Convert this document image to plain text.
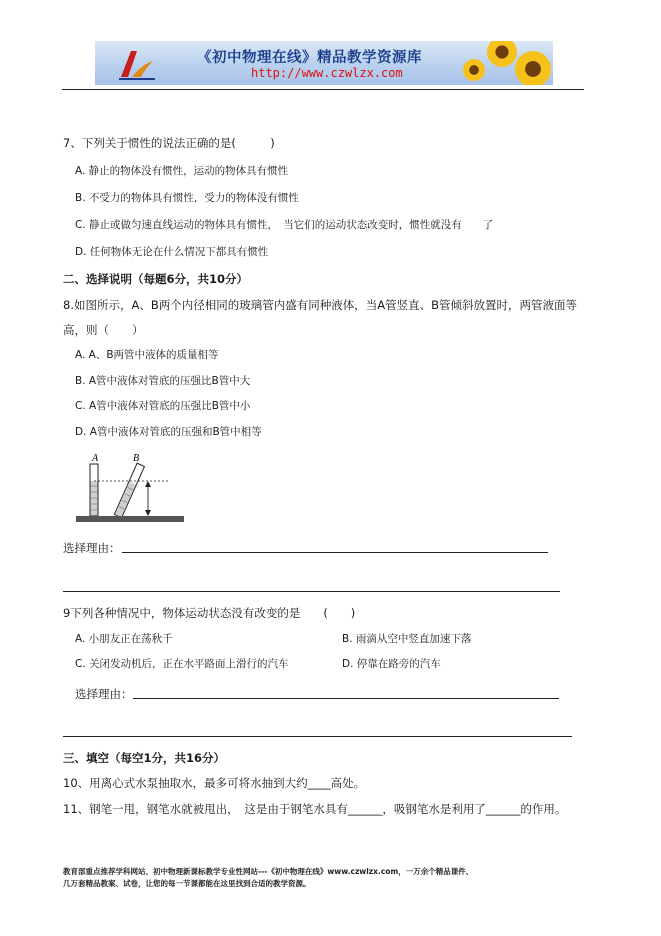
《初中物理在线》精品教学资源库
http://www.czwlzx.com
7、下列关于惯性的说法正确的是(　　　)
A. 静止的物体没有惯性，运动的物体具有惯性
B. 不受力的物体具有惯性，受力的物体没有惯性
C. 静止或做匀速直线运动的物体具有惯性，　当它们的运动状态改变时，惯性就没有　　了
D. 任何物体无论在什么情况下都具有惯性
二、选择说明（每题6分，共10分）
8.如图所示，A、B两个内径相同的玻璃管内盛有同种液体，当A管竖直、B管倾斜放置时，两管液面等
高，则（　　）
A. A、B两管中液体的质量相等
B. A管中液体对管底的压强比B管中大
C. A管中液体对管底的压强比B管中小
D. A管中液体对管底的压强和B管中相等
A	B
选择理由：
9下列各种情况中，物体运动状态没有改变的是　　(　　)
A. 小朋友正在荡秋千	B. 雨滴从空中竖直加速下落
C. 关闭发动机后，正在水平路面上滑行的汽车	D. 停靠在路旁的汽车
选择理由：
三、填空（每空1分，共16分）
10、用离心式水泵抽取水，最多可将水抽到大约____高处。
11、钢笔一甩，钢笔水就被甩出，　这是由于钢笔水具有______，吸钢笔水是利用了______的作用。
教育部重点推荐学科网站、初中物理新课标教学专业性网站---《初中物理在线》www.czwlzx.com，一万余个精品课件、
几万套精品教案、试卷，让您的每一节课都能在这里找到合适的教学资源。
